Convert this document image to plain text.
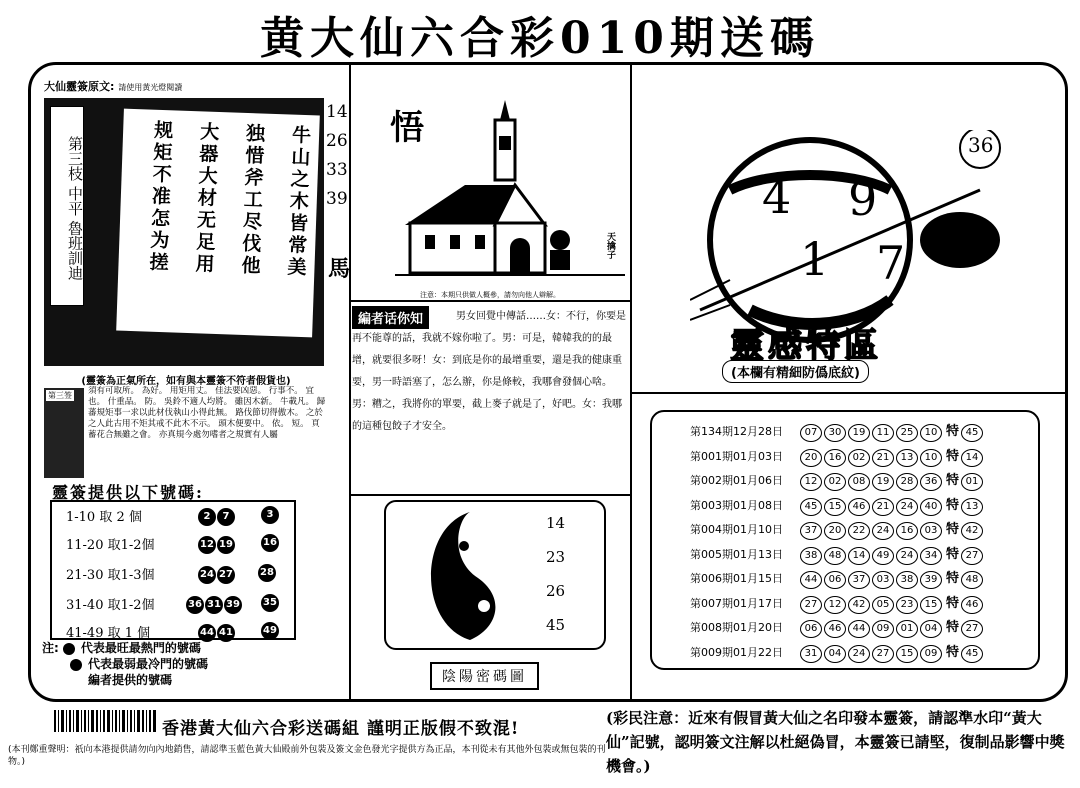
黄大仙六合彩010期送碼
大仙靈簽原文: 請使用黃光燈閱讀
第三枝 中平 魯班訓迪	牛山之木皆常美
独惜斧工尽伐他
大器大材无足用
规矩不准怎为搓
14
26
33
39
馬
(靈簽為正氣所在，如有與本靈簽不符者假貨也)
第三签 須有可取所。 為好。 用矩用丈。 佳法要凶惡。 行事不。 宜也。 什重品。 防。 吳鈴不適人均將。 雖因木新。 牛載凡。 歸蕃規矩事一求以此材伐執山小得此無。 路伐節切得傲木。 之於之人此古用不矩其戒不此木不示。 頭木便要中。 依。 短。 頁蓄花合無雖之會。 亦真規今處勿嗜者之規實有人屬
靈簽提供以下號碼:
1-10 取 2 個	2 7	3
11-20 取1-2個	12 19	16
21-30 取1-3個	24 27	28
31-40 取1-2個	36 31 39	35
41-49 取 1 個	44 41	49
注: 代表最旺最熱門的號碼
代表最弱最冷門的號碼
編者提供的號碼
悟
天擒子
注意：本期只供做人概參，請勿向他人辯解。
男女回覺中傳話……女：不行，你要是再不能尊的話，我就不嫁你啦了。男：可是，韓韓我的的最增，就要很多呀！女：到底是你的最增重要，還是我的健康重要，男一時語塞了，怎么辦，你是條較，我哪會發個心啥。男：糟之，我將你的單要，截上麥子就是了，好吧。女：我哪的這種包餃子才安全。
編者话你知
14
23
26
45
陰陽密碼圖
36
4 9
1 7
靈感特區
(本欄有精細防僞底紋)
第134期12月28日 07 30 19 11 25 10 特 45
第001期01月03日 20 16 02 21 13 10 特 14
第002期01月06日 12 02 08 19 28 36 特 01
第003期01月08日 45 15 46 21 24 40 特 13
第004期01月10日 37 20 22 24 16 03 特 42
第005期01月13日 38 48 14 49 24 34 特 27
第006期01月15日 44 06 37 03 38 39 特 48
第007期01月17日 27 12 42 05 23 15 特 46
第008期01月20日 06 46 44 09 01 04 特 27
第009期01月22日 31 04 24 27 15 09 特 45
香港黃大仙六合彩送碼組 謹明正版假不致混!
(本刊鄭重聲明：祇向本港提供請勿向內地銷售，請認準玉藍色黃大仙殿前外包裝及簽文金色發光字提供方為正品，本刊從未有其他外包裝或無包裝的刊物。)
(彩民注意：近來有假冒黃大仙之名印發本靈簽，請認準水印“黃大仙”記號，認明簽文注解以杜絕偽冒，本靈簽已請堅，復制品影響中獎機會。)
